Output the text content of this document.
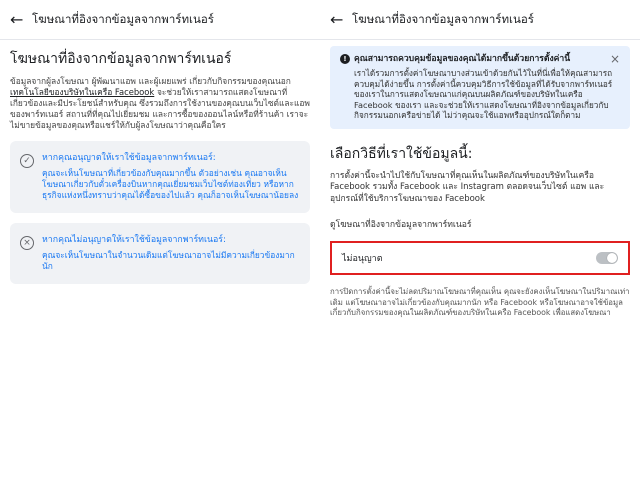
← โฆษณาที่อิงจากข้อมูลจากพาร์ทเนอร์
โฆษณาที่อิงจากข้อมูลจากพาร์ทเนอร์

ข้อมูลจากผู้ลงโฆษณา ผู้พัฒนาแอพ และผู้เผยแพร่ เกี่ยวกับกิจกรรมของคุณนอกเทคโนโลยีของบริษัทในเครือ Facebook จะช่วยให้เราสามารถแสดงโฆษณาที่เกี่ยวข้องและมีประโยชน์สำหรับคุณ ซึ่งรวมถึงการใช้งานของคุณบนเว็บไซต์และแอพของพาร์ทเนอร์ สถานที่ที่คุณไปเยี่ยมชม และการซื้อของออนไลน์หรือที่ร้านค้า เราจะไม่ขายข้อมูลของคุณหรือแชร์ให้กับผู้ลงโฆษณาว่าคุณคือใคร

✓	หากคุณอนุญาตให้เราใช้ข้อมูลจากพาร์ทเนอร์:
คุณจะเห็นโฆษณาที่เกี่ยวข้องกับคุณมากขึ้น ตัวอย่างเช่น คุณอาจเห็นโฆษณาเกี่ยวกับตั๋วเครื่องบินหากคุณเยี่ยมชมเว็บไซต์ท่องเที่ยว หรือหากธุรกิจแห่งหนึ่งทราบว่าคุณได้ซื้อของไปแล้ว คุณก็อาจเห็นโฆษณาน้อยลง
×	หากคุณไม่อนุญาตให้เราใช้ข้อมูลจากพาร์ทเนอร์:
คุณจะเห็นโฆษณาในจำนวนเดิมแต่โฆษณาอาจไม่มีความเกี่ยวข้องมากนัก
← โฆษณาที่อิงจากข้อมูลจากพาร์ทเนอร์
!	×
คุณสามารถควบคุมข้อมูลของคุณได้มากขึ้นด้วยการตั้งค่านี้
เราได้รวมการตั้งค่าโฆษณาบางส่วนเข้าด้วยกันไว้ในที่นี่เพื่อให้คุณสามารถควบคุมได้ง่ายขึ้น การตั้งค่านี้ควบคุมวิธีการใช้ข้อมูลที่ได้รับจากพาร์ทเนอร์ของเราในการแสดงโฆษณาแก่คุณบนผลิตภัณฑ์ของบริษัทในเครือ Facebook ของเรา และจะช่วยให้เราแสดงโฆษณาที่อิงจากข้อมูลเกี่ยวกับกิจกรรมนอกเครือข่ายได้ ไม่ว่าคุณจะใช้แอพหรืออุปกรณ์ใดก็ตาม
เลือกวิธีที่เราใช้ข้อมูลนี้:

การตั้งค่านี้จะนำไปใช้กับโฆษณาที่คุณเห็นในผลิตภัณฑ์ของบริษัทในเครือ Facebook รวมทั้ง Facebook และ Instagram ตลอดจนเว็บไซต์ แอพ และอุปกรณ์ที่ใช้บริการโฆษณาของ Facebook

ดูโฆษณาที่อิงจากข้อมูลจากพาร์ทเนอร์
ไม่อนุญาต

การปิดการตั้งค่านี้จะไม่ลดปริมาณโฆษณาที่คุณเห็น คุณจะยังคงเห็นโฆษณาในปริมาณเท่าเดิม แต่โฆษณาอาจไม่เกี่ยวข้องกับคุณมากนัก หรือ Facebook หรือโฆษณาอาจใช้ข้อมูลเกี่ยวกับกิจกรรมของคุณในผลิตภัณฑ์ของบริษัทในเครือ Facebook เพื่อแสดงโฆษณา
